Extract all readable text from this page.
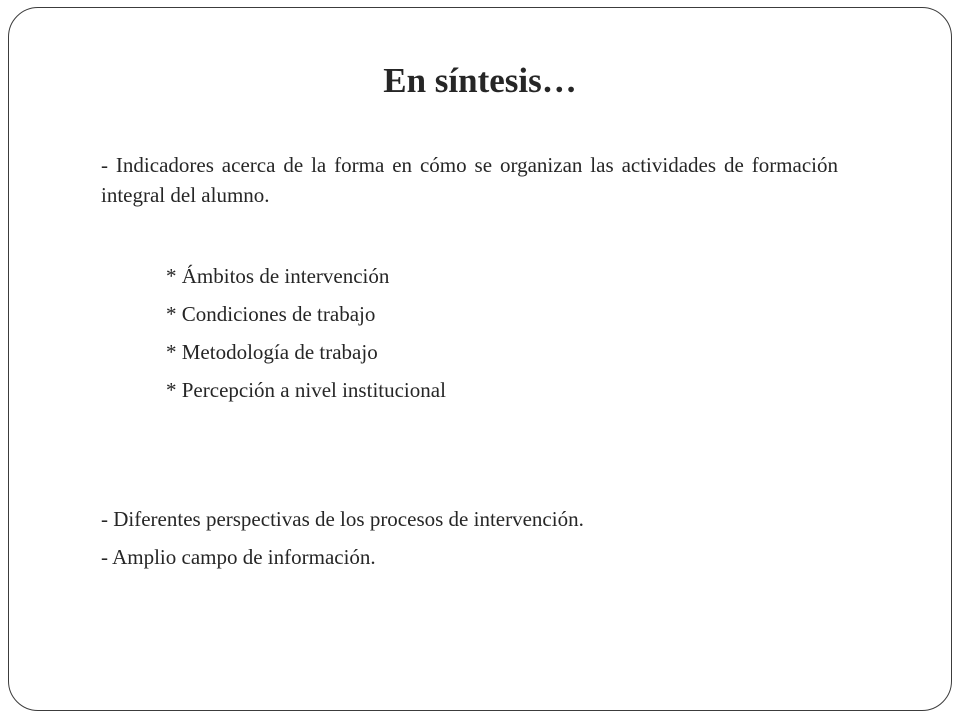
En síntesis…

- Indicadores acerca de la forma en cómo se organizan las actividades de formación integral del alumno.

* Ámbitos de intervención
* Condiciones de trabajo
* Metodología de trabajo
* Percepción a nivel institucional
- Diferentes perspectivas de los procesos de intervención.
- Amplio campo de información.
